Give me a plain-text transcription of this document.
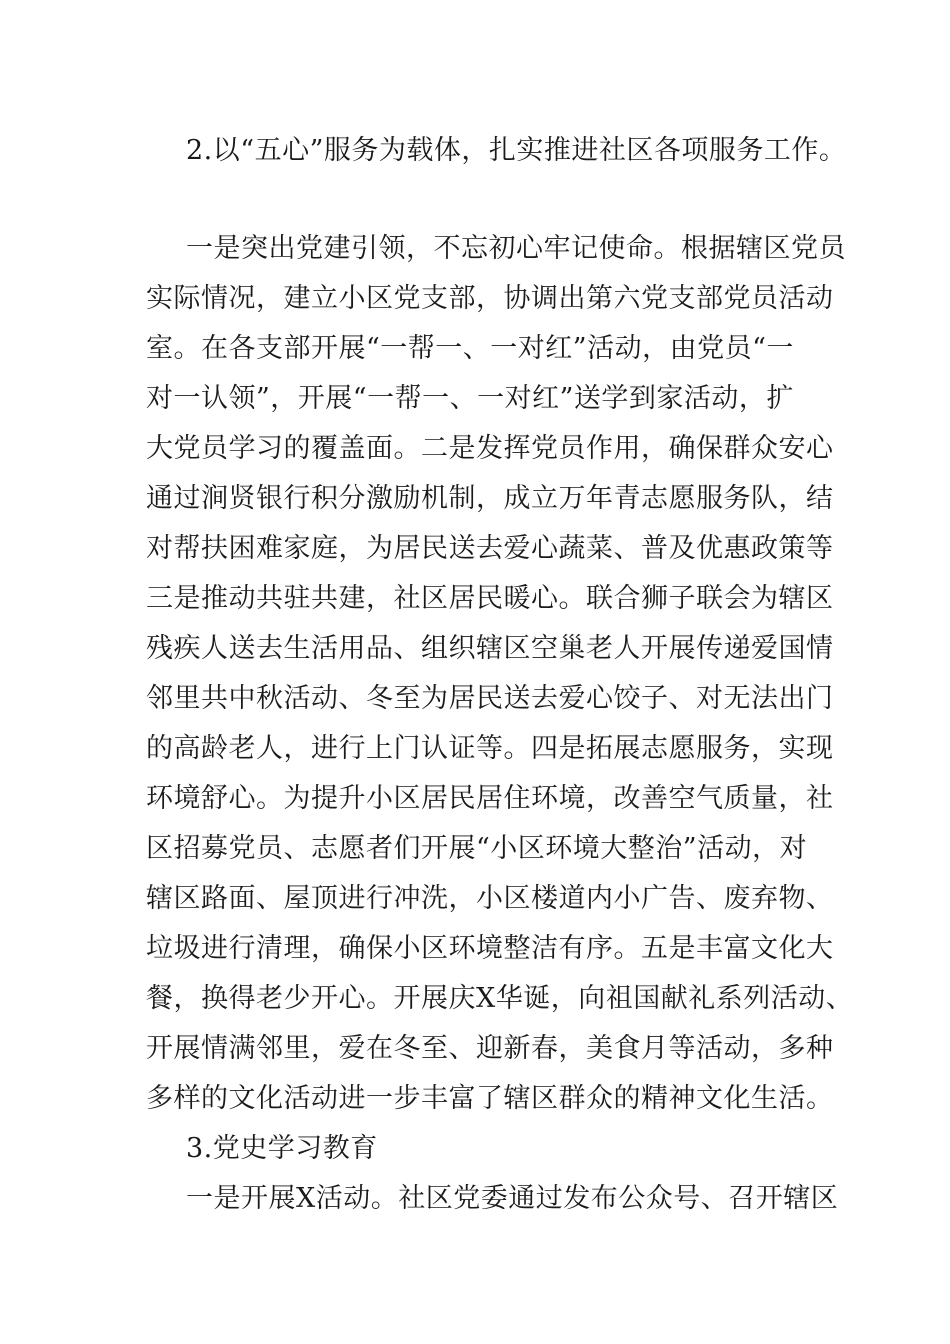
2.以“五心”服务为载体，扎实推进社区各项服务工作。
一是突出党建引领，不忘初心牢记使命。根据辖区党员
实际情况，建立小区党支部，协调出第六党支部党员活动
室。在各支部开展“一帮一、一对红”活动，由党员“一
对一认领”，开展“一帮一、一对红”送学到家活动，扩
大党员学习的覆盖面。二是发挥党员作用，确保群众安心
通过涧贤银行积分激励机制，成立万年青志愿服务队，结
对帮扶困难家庭，为居民送去爱心蔬菜、普及优惠政策等
三是推动共驻共建，社区居民暖心。联合狮子联会为辖区
残疾人送去生活用品、组织辖区空巢老人开展传递爱国情
邻里共中秋活动、冬至为居民送去爱心饺子、对无法出门
的高龄老人，进行上门认证等。四是拓展志愿服务，实现
环境舒心。为提升小区居民居住环境，改善空气质量，社
区招募党员、志愿者们开展“小区环境大整治”活动，对
辖区路面、屋顶进行冲洗，小区楼道内小广告、废弃物、
垃圾进行清理，确保小区环境整洁有序。五是丰富文化大
餐，换得老少开心。开展庆X华诞，向祖国献礼系列活动、
开展情满邻里，爱在冬至、迎新春，美食月等活动，多种
多样的文化活动进一步丰富了辖区群众的精神文化生活。
3.党史学习教育
一是开展X活动。社区党委通过发布公众号、召开辖区
